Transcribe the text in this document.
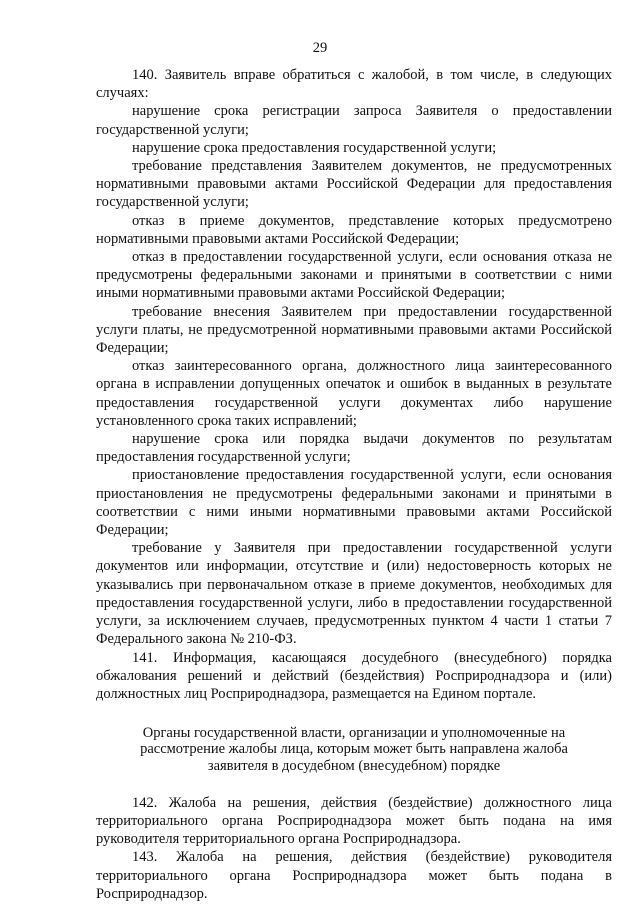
29

140. Заявитель вправе обратиться с жалобой, в том числе, в следующих случаях:

нарушение срока регистрации запроса Заявителя о предоставлении государственной услуги;

нарушение срока предоставления государственной услуги;

требование представления Заявителем документов, не предусмотренных нормативными правовыми актами Российской Федерации для предоставления государственной услуги;

отказ в приеме документов, представление которых предусмотрено нормативными правовыми актами Российской Федерации;

отказ в предоставлении государственной услуги, если основания отказа не предусмотрены федеральными законами и принятыми в соответствии с ними иными нормативными правовыми актами Российской Федерации;

требование внесения Заявителем при предоставлении государственной услуги платы, не предусмотренной нормативными правовыми актами Российской Федерации;

отказ заинтересованного органа, должностного лица заинтересованного органа в исправлении допущенных опечаток и ошибок в выданных в результате предоставления государственной услуги документах либо нарушение установленного срока таких исправлений;

нарушение срока или порядка выдачи документов по результатам предоставления государственной услуги;

приостановление предоставления государственной услуги, если основания приостановления не предусмотрены федеральными законами и принятыми в соответствии с ними иными нормативными правовыми актами Российской Федерации;

требование у Заявителя при предоставлении государственной услуги документов или информации, отсутствие и (или) недостоверность которых не указывались при первоначальном отказе в приеме документов, необходимых для предоставления государственной услуги, либо в предоставлении государственной услуги, за исключением случаев, предусмотренных пунктом 4 части 1 статьи 7 Федерального закона № 210-ФЗ.

141. Информация, касающаяся досудебного (внесудебного) порядка обжалования решений и действий (бездействия) Росприроднадзора и (или) должностных лиц Росприроднадзора, размещается на Едином портале.

Органы государственной власти, организации и уполномоченные на рассмотрение жалобы лица, которым может быть направлена жалоба заявителя в досудебном (внесудебном) порядке

142. Жалоба на решения, действия (бездействие) должностного лица территориального органа Росприроднадзора может быть подана на имя руководителя территориального органа Росприроднадзора.

143. Жалоба на решения, действия (бездействие) руководителя территориального органа Росприроднадзора может быть подана в Росприроднадзор.
